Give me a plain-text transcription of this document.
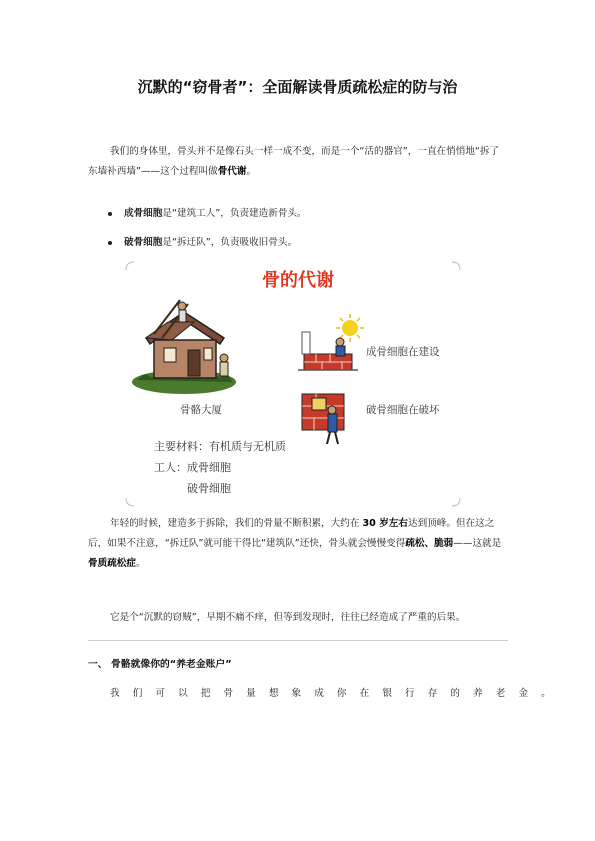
沉默的“窃骨者”：全面解读骨质疏松症的防与治

我们的身体里，骨头并不是像石头一样一成不变，而是一个“活的器官”，一直在悄悄地“拆了东墙补西墙”——这个过程叫做骨代谢。

成骨细胞是“建筑工人”，负责建造新骨头。
破骨细胞是“拆迁队”，负责吸收旧骨头。
骨的代谢
骨骼大厦
成骨细胞在建设
破骨细胞在破坏
主要材料：有机质与无机质
工人：成骨细胞
破骨细胞

年轻的时候，建造多于拆除，我们的骨量不断积累，大约在 30 岁左右达到顶峰。但在这之后，如果不注意，“拆迁队”就可能干得比“建筑队”还快，骨头就会慢慢变得疏松、脆弱——这就是骨质疏松症。

它是个“沉默的窃贼”，早期不痛不痒，但等到发现时，往往已经造成了严重的后果。

一、 骨骼就像你的“养老金账户”

我们可以把骨量想象成你在银行存的养老金。
